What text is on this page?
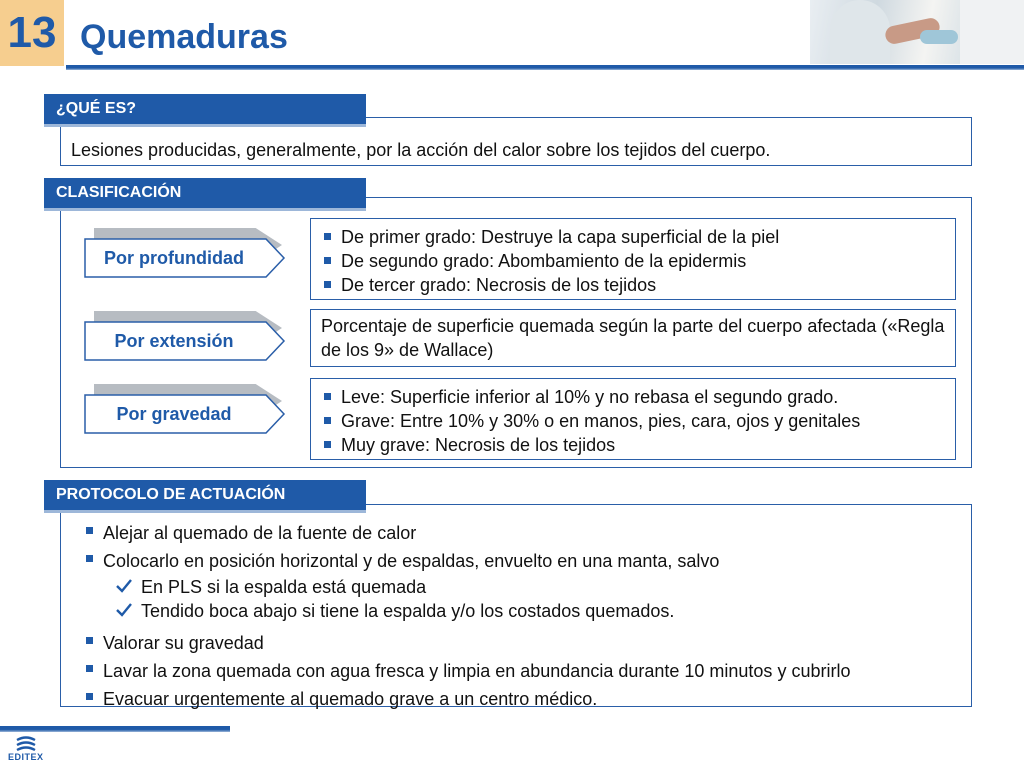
13 Quemaduras
Lesiones producidas, generalmente, por la acción del calor sobre los tejidos del cuerpo.
¿QUÉ ES?
CLASIFICACIÓN
Por profundidad
De primer grado: Destruye la capa superficial de la piel
De segundo grado: Abombamiento de la epidermis
De tercer grado: Necrosis de los tejidos
Por extensión
Porcentaje de superficie quemada según la parte del cuerpo afectada («Regla de los 9» de Wallace)
Por gravedad
Leve: Superficie inferior al 10% y no rebasa el segundo grado.
Grave: Entre 10% y 30% o en manos, pies, cara, ojos y genitales
Muy grave: Necrosis de los tejidos
Alejar al quemado de la fuente de calor
Colocarlo en posición horizontal y de espaldas, envuelto en una manta, salvo
En PLS si la espalda está quemada
Tendido boca abajo si tiene la espalda y/o los costados quemados.
Valorar su gravedad
Lavar la zona quemada con agua fresca y limpia en abundancia durante 10 minutos y cubrirlo
Evacuar urgentemente al quemado grave a un centro médico.
PROTOCOLO DE ACTUACIÓN
EDITEX
